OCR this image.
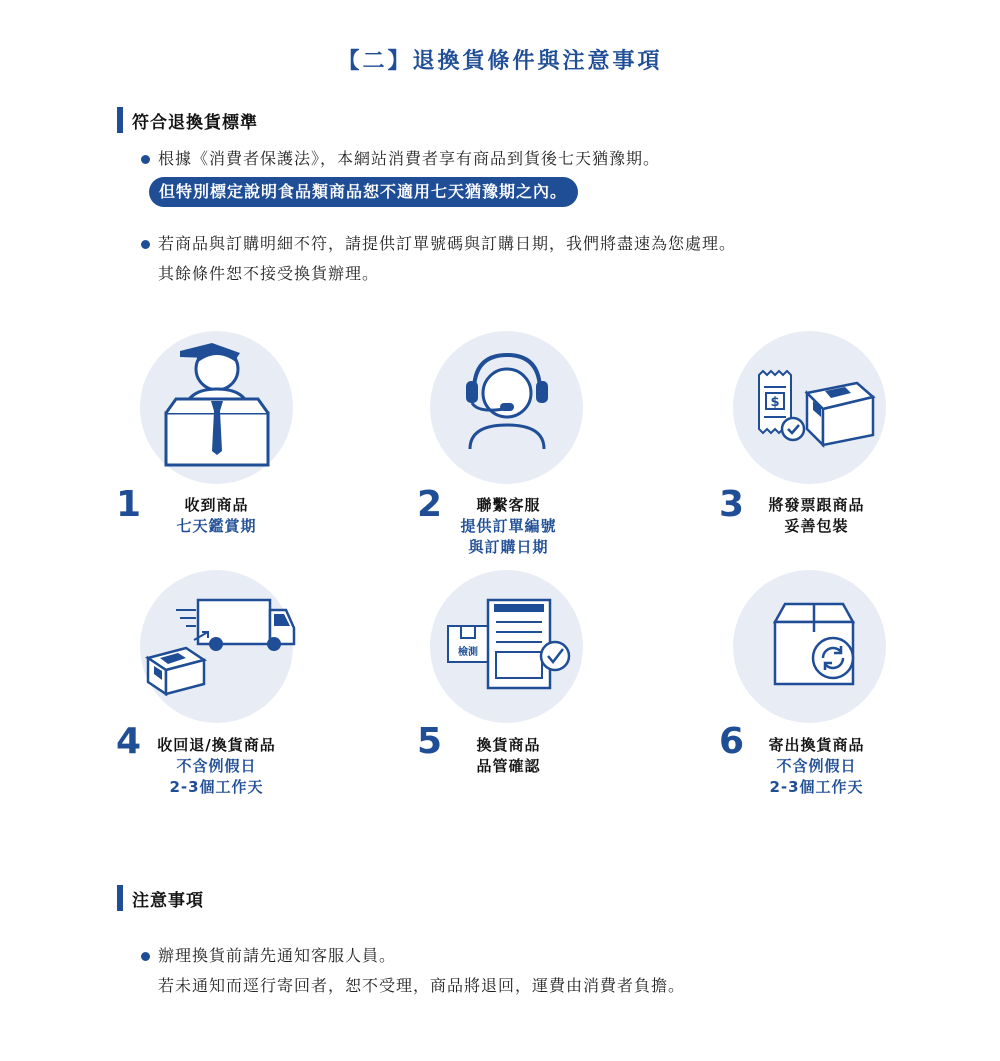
【二】退換貨條件與注意事項
符合退換貨標準
根據《消費者保護法》，本網站消費者享有商品到貨後七天猶豫期。
但特別標定說明食品類商品恕不適用七天猶豫期之內。
若商品與訂購明細不符，請提供訂單號碼與訂購日期，我們將盡速為您處理。
其餘條件恕不接受換貨辦理。
1	收到商品
七天鑑賞期
2	聯繫客服
提供訂單編號
與訂購日期
$
3	將發票跟商品
妥善包裝
4	收回退/換貨商品
不含例假日
2-3個工作天
檢測
5	換貨商品
品管確認
6	寄出換貨商品
不含例假日
2-3個工作天
注意事項
辦理換貨前請先通知客服人員。
若未通知而逕行寄回者，恕不受理，商品將退回，運費由消費者負擔。
